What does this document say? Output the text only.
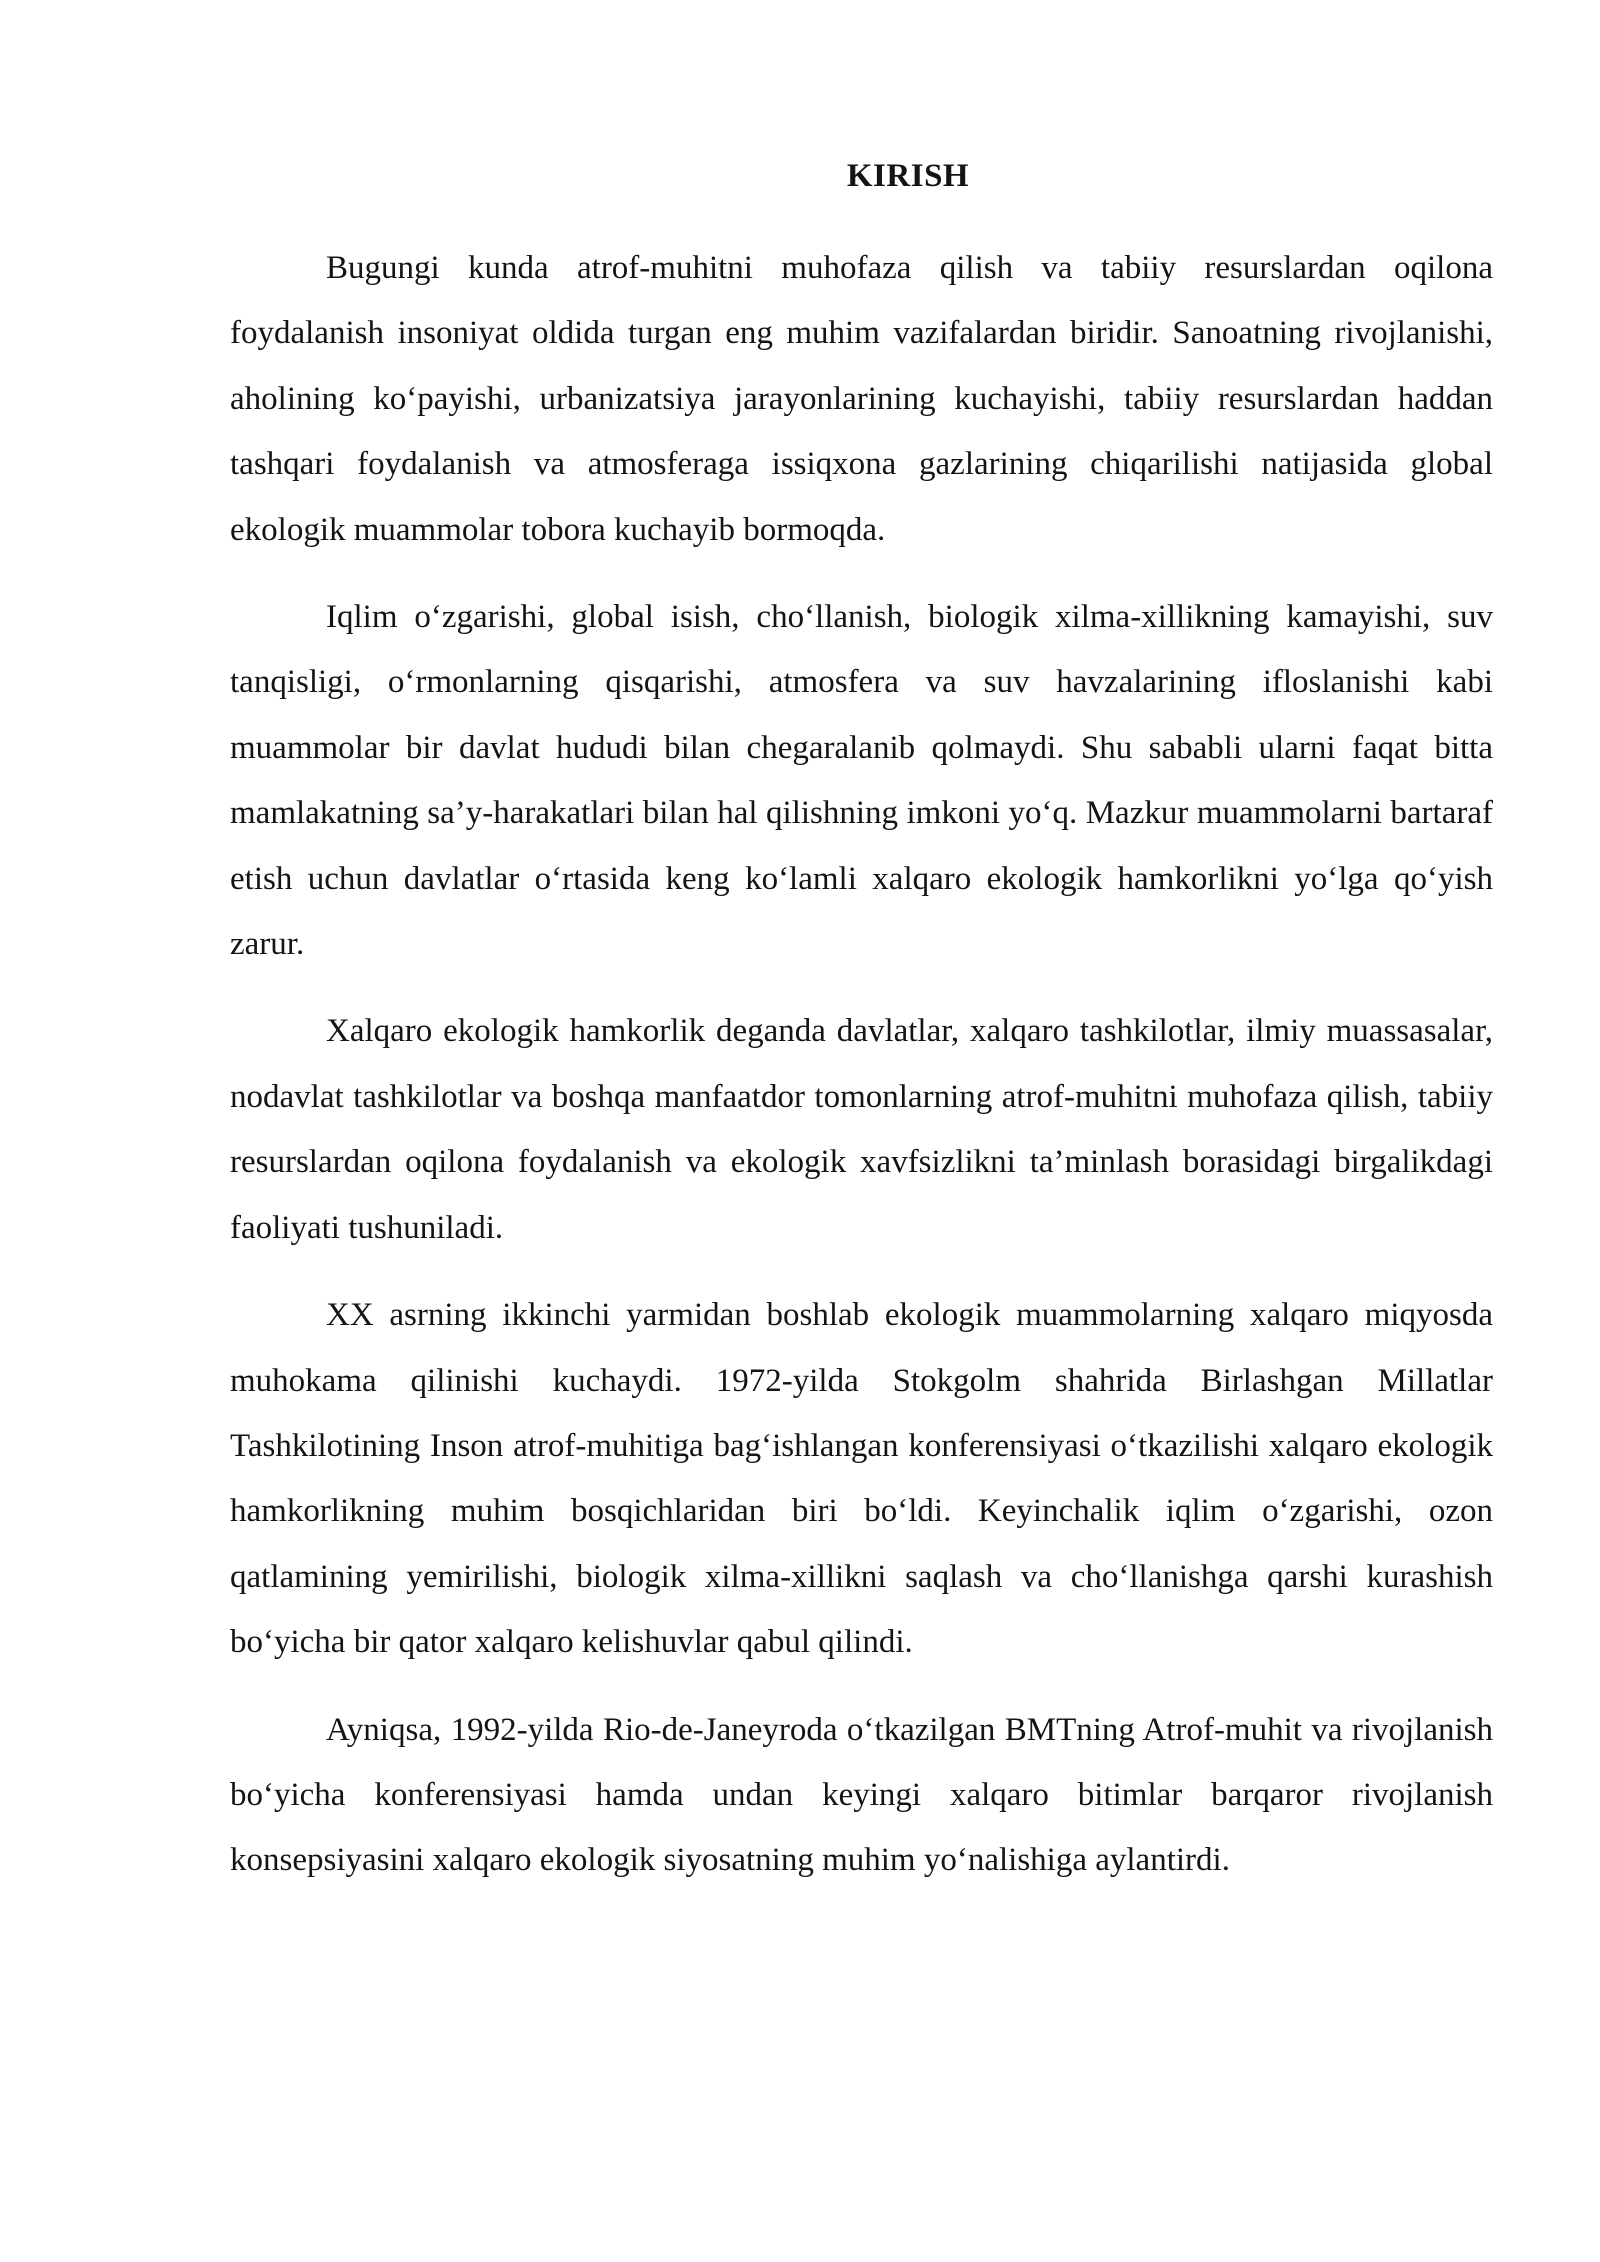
KIRISH

Bugungi kunda atrof-muhitni muhofaza qilish va tabiiy resurslardan oqilona foydalanish insoniyat oldida turgan eng muhim vazifalardan biridir. Sanoatning rivojlanishi, aholining ko‘payishi, urbanizatsiya jarayonlarining kuchayishi, tabiiy resurslardan haddan tashqari foydalanish va atmosferaga issiqxona gazlarining chiqarilishi natijasida global ekologik muammolar tobora kuchayib bormoqda.

Iqlim o‘zgarishi, global isish, cho‘llanish, biologik xilma-xillikning kamayishi, suv tanqisligi, o‘rmonlarning qisqarishi, atmosfera va suv havzalarining ifloslanishi kabi muammolar bir davlat hududi bilan chegaralanib qolmaydi. Shu sababli ularni faqat bitta mamlakatning sa’y-harakatlari bilan hal qilishning imkoni yo‘q. Mazkur muammolarni bartaraf etish uchun davlatlar o‘rtasida keng ko‘lamli xalqaro ekologik hamkorlikni yo‘lga qo‘yish zarur.

Xalqaro ekologik hamkorlik deganda davlatlar, xalqaro tashkilotlar, ilmiy muassasalar, nodavlat tashkilotlar va boshqa manfaatdor tomonlarning atrof-muhitni muhofaza qilish, tabiiy resurslardan oqilona foydalanish va ekologik xavfsizlikni ta’minlash borasidagi birgalikdagi faoliyati tushuniladi.

XX asrning ikkinchi yarmidan boshlab ekologik muammolarning xalqaro miqyosda muhokama qilinishi kuchaydi. 1972-yilda Stokgolm shahrida Birlashgan Millatlar Tashkilotining Inson atrof-muhitiga bag‘ishlangan konferensiyasi o‘tkazilishi xalqaro ekologik hamkorlikning muhim bosqichlaridan biri bo‘ldi. Keyinchalik iqlim o‘zgarishi, ozon qatlamining yemirilishi, biologik xilma-xillikni saqlash va cho‘llanishga qarshi kurashish bo‘yicha bir qator xalqaro kelishuvlar qabul qilindi.

Ayniqsa, 1992-yilda Rio-de-Janeyroda o‘tkazilgan BMTning Atrof-muhit va rivojlanish bo‘yicha konferensiyasi hamda undan keyingi xalqaro bitimlar barqaror rivojlanish konsepsiyasini xalqaro ekologik siyosatning muhim yo‘nalishiga aylantirdi.
